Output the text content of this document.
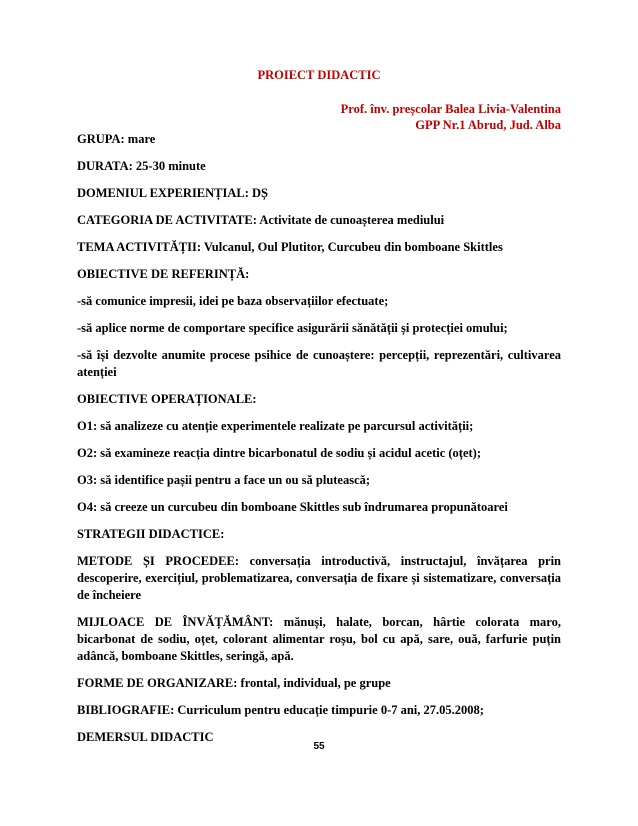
PROIECT DIDACTIC
Prof. înv. preșcolar Balea Livia-Valentina
GPP Nr.1 Abrud, Jud. Alba

GRUPA: mare

DURATA: 25-30 minute

DOMENIUL EXPERIENȚIAL: DȘ

CATEGORIA DE ACTIVITATE: Activitate de cunoașterea mediului

TEMA ACTIVITĂȚII: Vulcanul, Oul Plutitor, Curcubeu din bomboane Skittles

OBIECTIVE DE REFERINȚĂ:

-să comunice impresii, idei pe baza observațiilor efectuate;

-să aplice norme de comportare specifice asigurării sănătății și protecției omului;

-să își dezvolte anumite procese psihice de cunoaștere: percepții, reprezentări, cultivarea atenției

OBIECTIVE OPERAȚIONALE:

O1: să analizeze cu atenție experimentele realizate pe parcursul activității;

O2: să examineze reacția dintre bicarbonatul de sodiu și acidul acetic (oțet);

O3: să identifice pașii pentru a face un ou să plutească;

O4: să creeze un curcubeu din bomboane Skittles sub îndrumarea propunătoarei

STRATEGII DIDACTICE:

METODE ȘI PROCEDEE: conversația introductivă, instructajul, învățarea prin descoperire, exercițiul, problematizarea, conversația de fixare și sistematizare, conversația de încheiere

MIJLOACE DE ÎNVĂȚĂMÂNT: mănuși, halate, borcan, hârtie colorata maro, bicarbonat de sodiu, oțet, colorant alimentar roșu, bol cu apă, sare, ouă, farfurie puțin adâncă, bomboane Skittles, seringă, apă.

FORME DE ORGANIZARE: frontal, individual, pe grupe

BIBLIOGRAFIE: Curriculum pentru educație timpurie 0-7 ani, 27.05.2008;

DEMERSUL DIDACTIC

55
